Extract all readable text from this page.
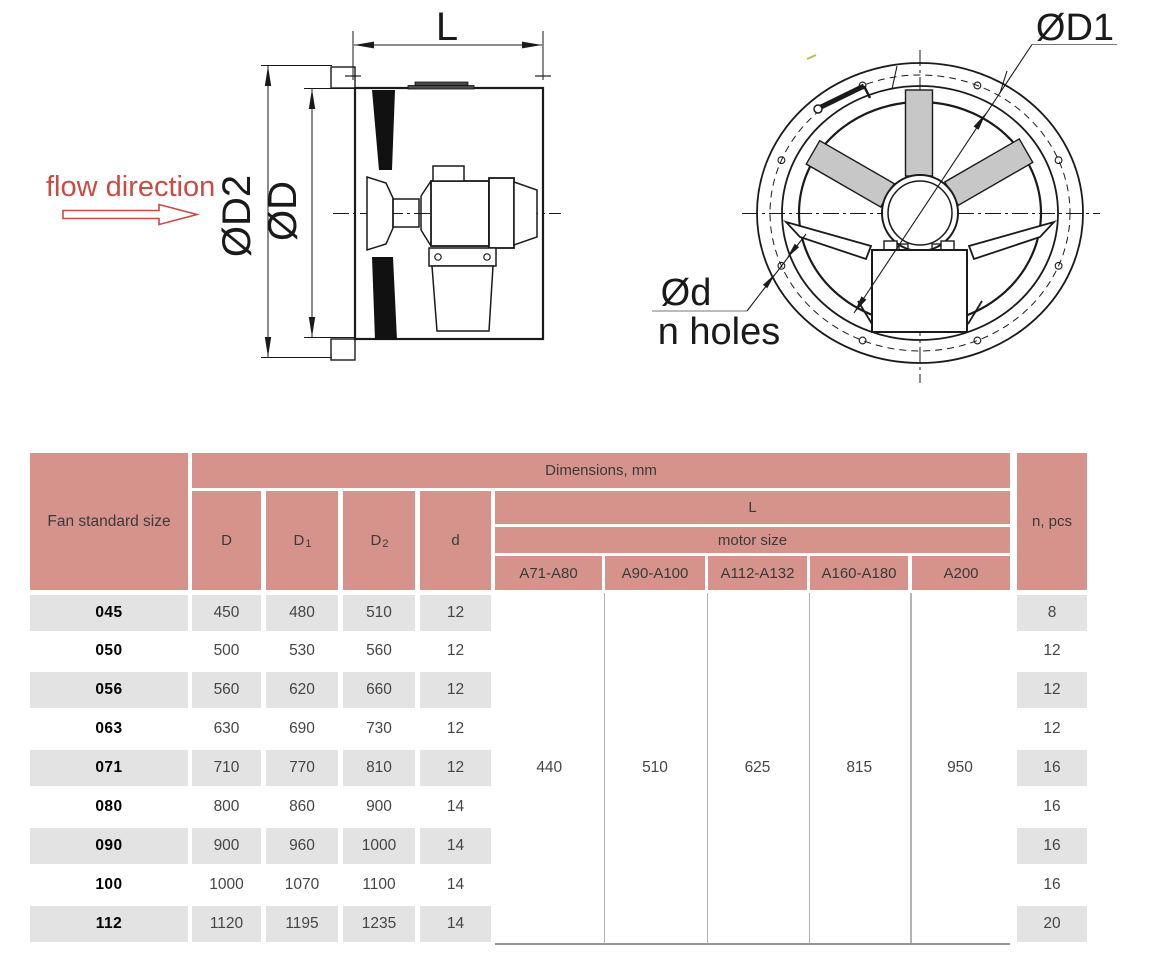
L
ØD2 ØD
flow direction
ØD1
Ød
n holes
Fan standard size
Dimensions, mm
D	$D_1$	$D_2$	d
L
motor size
A71-A80	A90-A100	A112-A132	A160-A180	A200
n, pcs
440	510	625	815	950
045	450	480	510	12	8
050	500	530	560	12	12
056	560	620	660	12	12
063	630	690	730	12	12
071	710	770	810	12	16
080	800	860	900	14	16
090	900	960	1000	14	16
100	1000	1070	1100	14	16
112	1120	1195	1235	14	20
